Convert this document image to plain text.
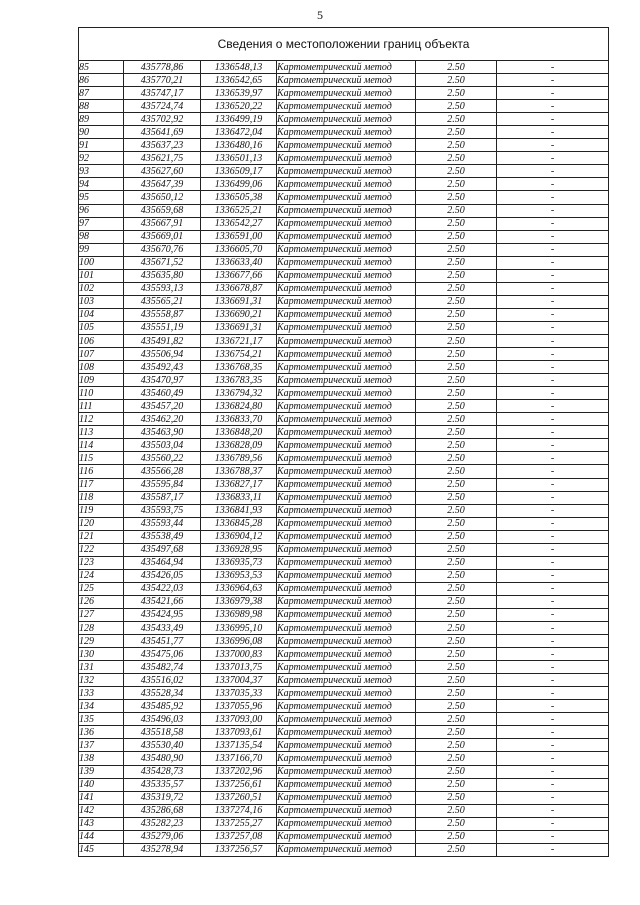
5
Сведения о местоположении границ объекта					
85	435778,86	1336548,13	Картометрический метод	2.50	-
86	435770,21	1336542,65	Картометрический метод	2.50	-
87	435747,17	1336539,97	Картометрический метод	2.50	-
88	435724,74	1336520,22	Картометрический метод	2.50	-
89	435702,92	1336499,19	Картометрический метод	2.50	-
90	435641,69	1336472,04	Картометрический метод	2.50	-
91	435637,23	1336480,16	Картометрический метод	2.50	-
92	435621,75	1336501,13	Картометрический метод	2.50	-
93	435627,60	1336509,17	Картометрический метод	2.50	-
94	435647,39	1336499,06	Картометрический метод	2.50	-
95	435650,12	1336505,38	Картометрический метод	2.50	-
96	435659,68	1336525,21	Картометрический метод	2.50	-
97	435667,91	1336542,27	Картометрический метод	2.50	-
98	435669,01	1336591,00	Картометрический метод	2.50	-
99	435670,76	1336605,70	Картометрический метод	2.50	-
100	435671,52	1336633,40	Картометрический метод	2.50	-
101	435635,80	1336677,66	Картометрический метод	2.50	-
102	435593,13	1336678,87	Картометрический метод	2.50	-
103	435565,21	1336691,31	Картометрический метод	2.50	-
104	435558,87	1336690,21	Картометрический метод	2.50	-
105	435551,19	1336691,31	Картометрический метод	2.50	-
106	435491,82	1336721,17	Картометрический метод	2.50	-
107	435506,94	1336754,21	Картометрический метод	2.50	-
108	435492,43	1336768,35	Картометрический метод	2.50	-
109	435470,97	1336783,35	Картометрический метод	2.50	-
110	435460,49	1336794,32	Картометрический метод	2.50	-
111	435457,20	1336824,80	Картометрический метод	2.50	-
112	435462,20	1336833,70	Картометрический метод	2.50	-
113	435463,90	1336848,20	Картометрический метод	2.50	-
114	435503,04	1336828,09	Картометрический метод	2.50	-
115	435560,22	1336789,56	Картометрический метод	2.50	-
116	435566,28	1336788,37	Картометрический метод	2.50	-
117	435595,84	1336827,17	Картометрический метод	2.50	-
118	435587,17	1336833,11	Картометрический метод	2.50	-
119	435593,75	1336841,93	Картометрический метод	2.50	-
120	435593,44	1336845,28	Картометрический метод	2.50	-
121	435538,49	1336904,12	Картометрический метод	2.50	-
122	435497,68	1336928,95	Картометрический метод	2.50	-
123	435464,94	1336935,73	Картометрический метод	2.50	-
124	435426,05	1336953,53	Картометрический метод	2.50	-
125	435422,03	1336964,63	Картометрический метод	2.50	-
126	435421,66	1336979,38	Картометрический метод	2.50	-
127	435424,95	1336989,98	Картометрический метод	2.50	-
128	435433,49	1336995,10	Картометрический метод	2.50	-
129	435451,77	1336996,08	Картометрический метод	2.50	-
130	435475,06	1337000,83	Картометрический метод	2.50	-
131	435482,74	1337013,75	Картометрический метод	2.50	-
132	435516,02	1337004,37	Картометрический метод	2.50	-
133	435528,34	1337035,33	Картометрический метод	2.50	-
134	435485,92	1337055,96	Картометрический метод	2.50	-
135	435496,03	1337093,00	Картометрический метод	2.50	-
136	435518,58	1337093,61	Картометрический метод	2.50	-
137	435530,40	1337135,54	Картометрический метод	2.50	-
138	435480,90	1337166,70	Картометрический метод	2.50	-
139	435428,73	1337202,96	Картометрический метод	2.50	-
140	435335,57	1337256,61	Картометрический метод	2.50	-
141	435319,72	1337260,51	Картометрический метод	2.50	-
142	435286,68	1337274,16	Картометрический метод	2.50	-
143	435282,23	1337255,27	Картометрический метод	2.50	-
144	435279,06	1337257,08	Картометрический метод	2.50	-
145	435278,94	1337256,57	Картометрический метод	2.50	-
